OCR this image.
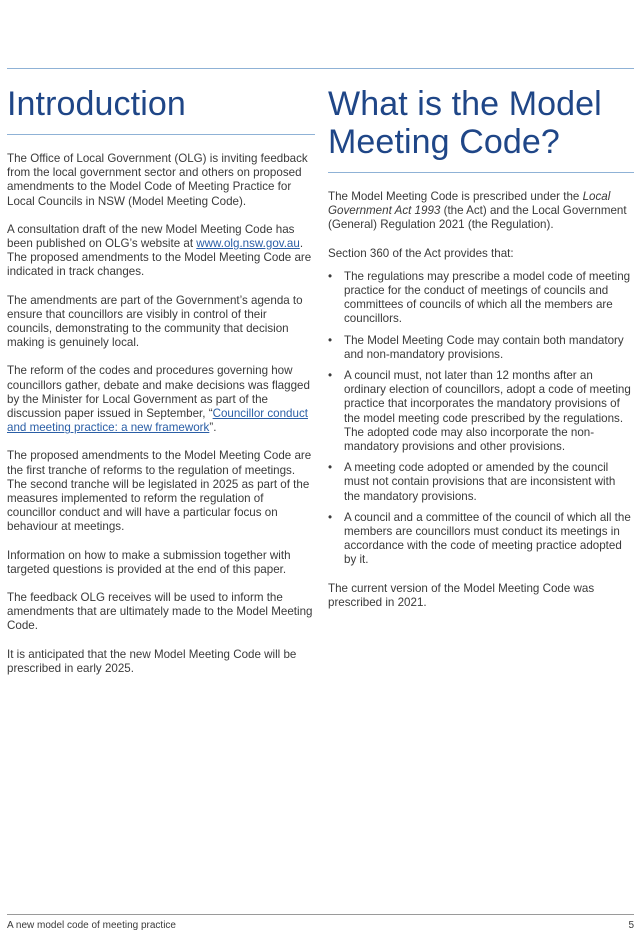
Introduction

The Office of Local Government (OLG) is inviting feedback from the local government sector and others on proposed amendments to the Model Code of Meeting Practice for Local Councils in NSW (Model Meeting Code).

A consultation draft of the new Model Meeting Code has been published on OLG’s website at www.olg.nsw.gov.au. The proposed amendments to the Model Meeting Code are indicated in track changes.

The amendments are part of the Government’s agenda to ensure that councillors are visibly in control of their councils, demonstrating to the community that decision making is genuinely local.

The reform of the codes and procedures governing how councillors gather, debate and make decisions was flagged by the Minister for Local Government as part of the discussion paper issued in September, “Councillor conduct and meeting practice: a new framework”.

The proposed amendments to the Model Meeting Code are the first tranche of reforms to the regulation of meetings. The second tranche will be legislated in 2025 as part of the measures implemented to reform the regulation of councillor conduct and will have a particular focus on behaviour at meetings.

Information on how to make a submission together with targeted questions is provided at the end of this paper.

The feedback OLG receives will be used to inform the amendments that are ultimately made to the Model Meeting Code.

It is anticipated that the new Model Meeting Code will be prescribed in early 2025.

What is the Model Meeting Code?

The Model Meeting Code is prescribed under the Local Government Act 1993 (the Act) and the Local Government (General) Regulation 2021 (the Regulation).

Section 360 of the Act provides that:

•	The regulations may prescribe a model code of meeting practice for the conduct of meetings of councils and committees of councils of which all the members are councillors.
•	The Model Meeting Code may contain both mandatory and non-mandatory provisions.
•	A council must, not later than 12 months after an ordinary election of councillors, adopt a code of meeting practice that incorporates the mandatory provisions of the model meeting code prescribed by the regulations. The adopted code may also incorporate the non-mandatory provisions and other provisions.
•	A meeting code adopted or amended by the council must not contain provisions that are inconsistent with the mandatory provisions.
•	A council and a committee of the council of which all the members are councillors must conduct its meetings in accordance with the code of meeting practice adopted by it.

The current version of the Model Meeting Code was prescribed in 2021.

A new model code of meeting practice	5
